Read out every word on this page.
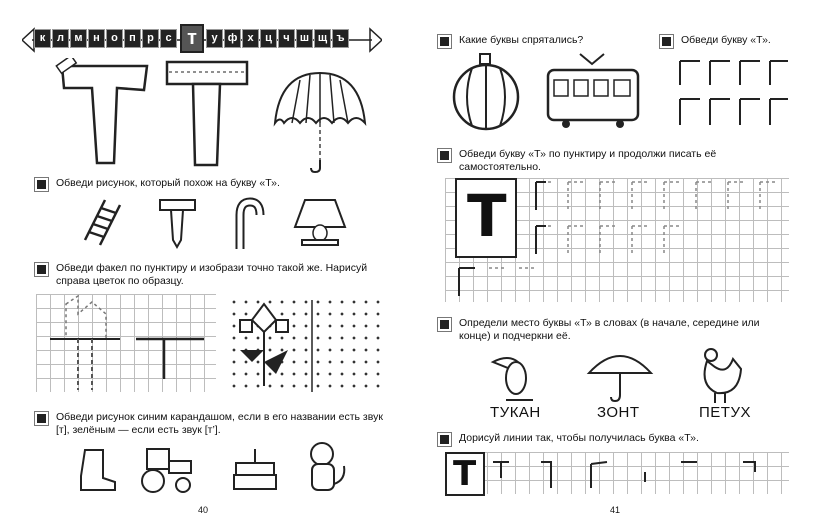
к	л м н	о	п	р	с т	у ф х	ц	ч ш щ ъ
Обведи рисунок, который похож на букву «Т».
Обведи факел по пунктиру и изобрази точно такой же. Нарисуй справа цветок по образцу.
Обведи рисунок синим карандашом, если в его названии есть звук [т], зелёным — если есть звук [т’].
40
Какие буквы спрятались?	Обведи букву «Т».
Обведи букву «Т» по пунктиру и продолжи писать её самостоятельно.
Т
Определи место буквы «Т» в словах (в начале, середине или конце) и подчеркни её.
ТУКАН	ЗОНТ	ПЕТУХ
Дорисуй линии так, чтобы получилась буква «Т».
Т
41
